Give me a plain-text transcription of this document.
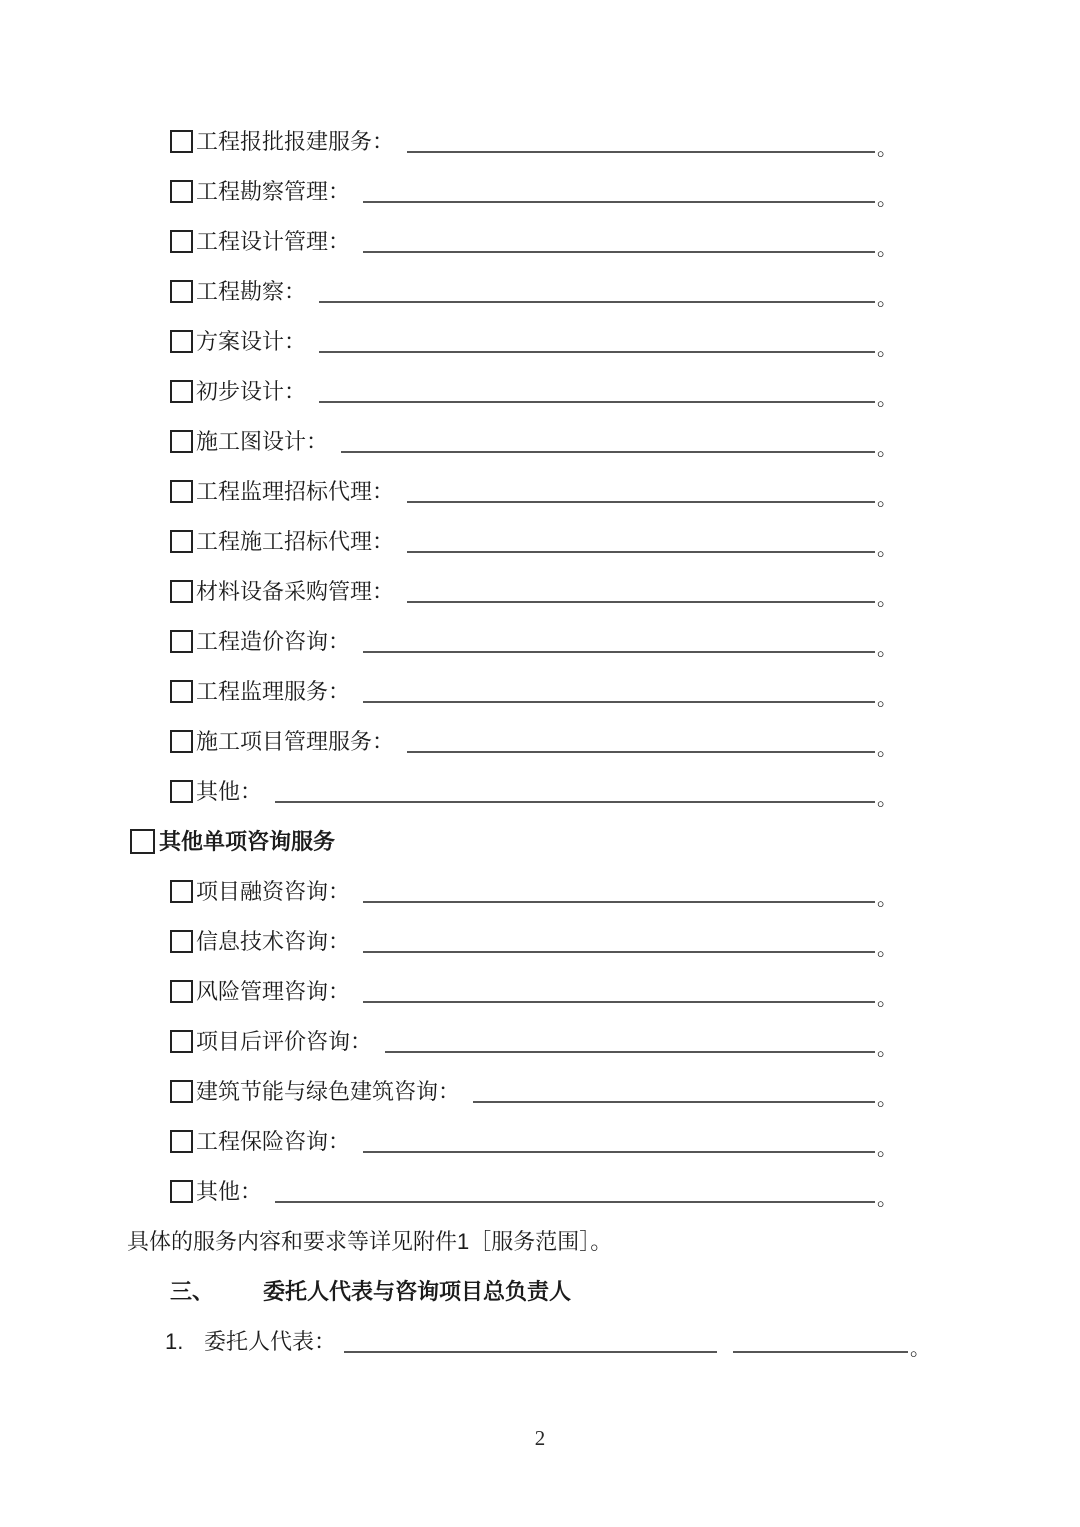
工程报批报建服务：	。
工程勘察管理：	。
工程设计管理：	。
工程勘察：	。
方案设计：	。
初步设计：	。
施工图设计：	。
工程监理招标代理：	。
工程施工招标代理：	。
材料设备采购管理：	。
工程造价咨询：	。
工程监理服务：	。
施工项目管理服务：	。
其他：	。
其他单项咨询服务
项目融资咨询：	。
信息技术咨询：	。
风险管理咨询：	。
项目后评价咨询：	。
建筑节能与绿色建筑咨询：	。
工程保险咨询：	。
其他：	。
具体的服务内容和要求等详见附件1［服务范围］。
三、	委托人代表与咨询项目总负责人
1. 委托人代表：	。
2
